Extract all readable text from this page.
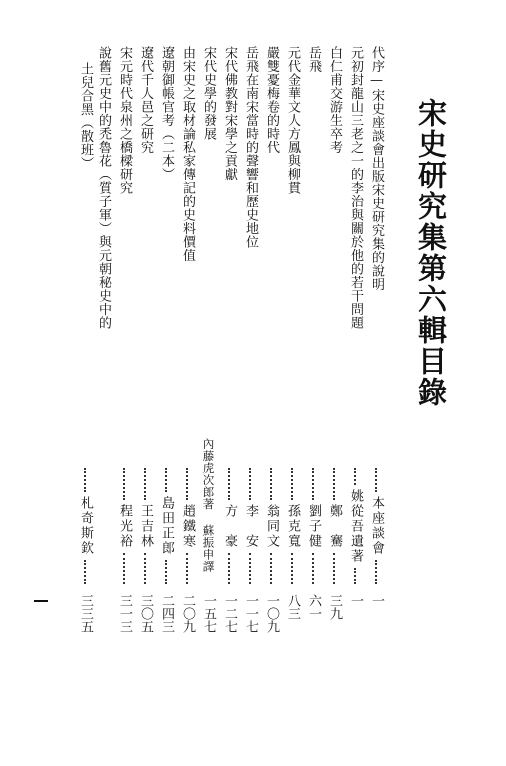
宋史研究集第六輯目錄
代序—宋史座談會出版宋史研究集的說明
本座談會
一
元初封龍山三老之一的李治與關於他的若干問題
姚從吾遺著
一
白仁甫交游生卒考
鄭　騫
三九
岳飛
劉子健
六一
元代金華文人方鳳與柳貫
孫克寬
八三
嚴雙憂梅卷的時代
翁同文
一〇九
岳飛在南宋當時的聲響和歷史地位
李　安
一一七
宋代佛教對宋學之貢獻
方　豪
一二七
宋代史學的發展
內藤虎次郎著 蘇振申譯
一五七
由宋史之取材論私家傳記的史料價值
趙鐵寒
二〇九
遼朝御帳官考（二本）
島田正郎
二四三
遼代千人邑之研究
王吉林
三〇五
宋元時代泉州之橋樑研究
程光裕
三一三
說舊元史中的禿魯花（質子軍）與元朝秘史中的
土兒合黑（散班）
札奇斯欽
三三五
